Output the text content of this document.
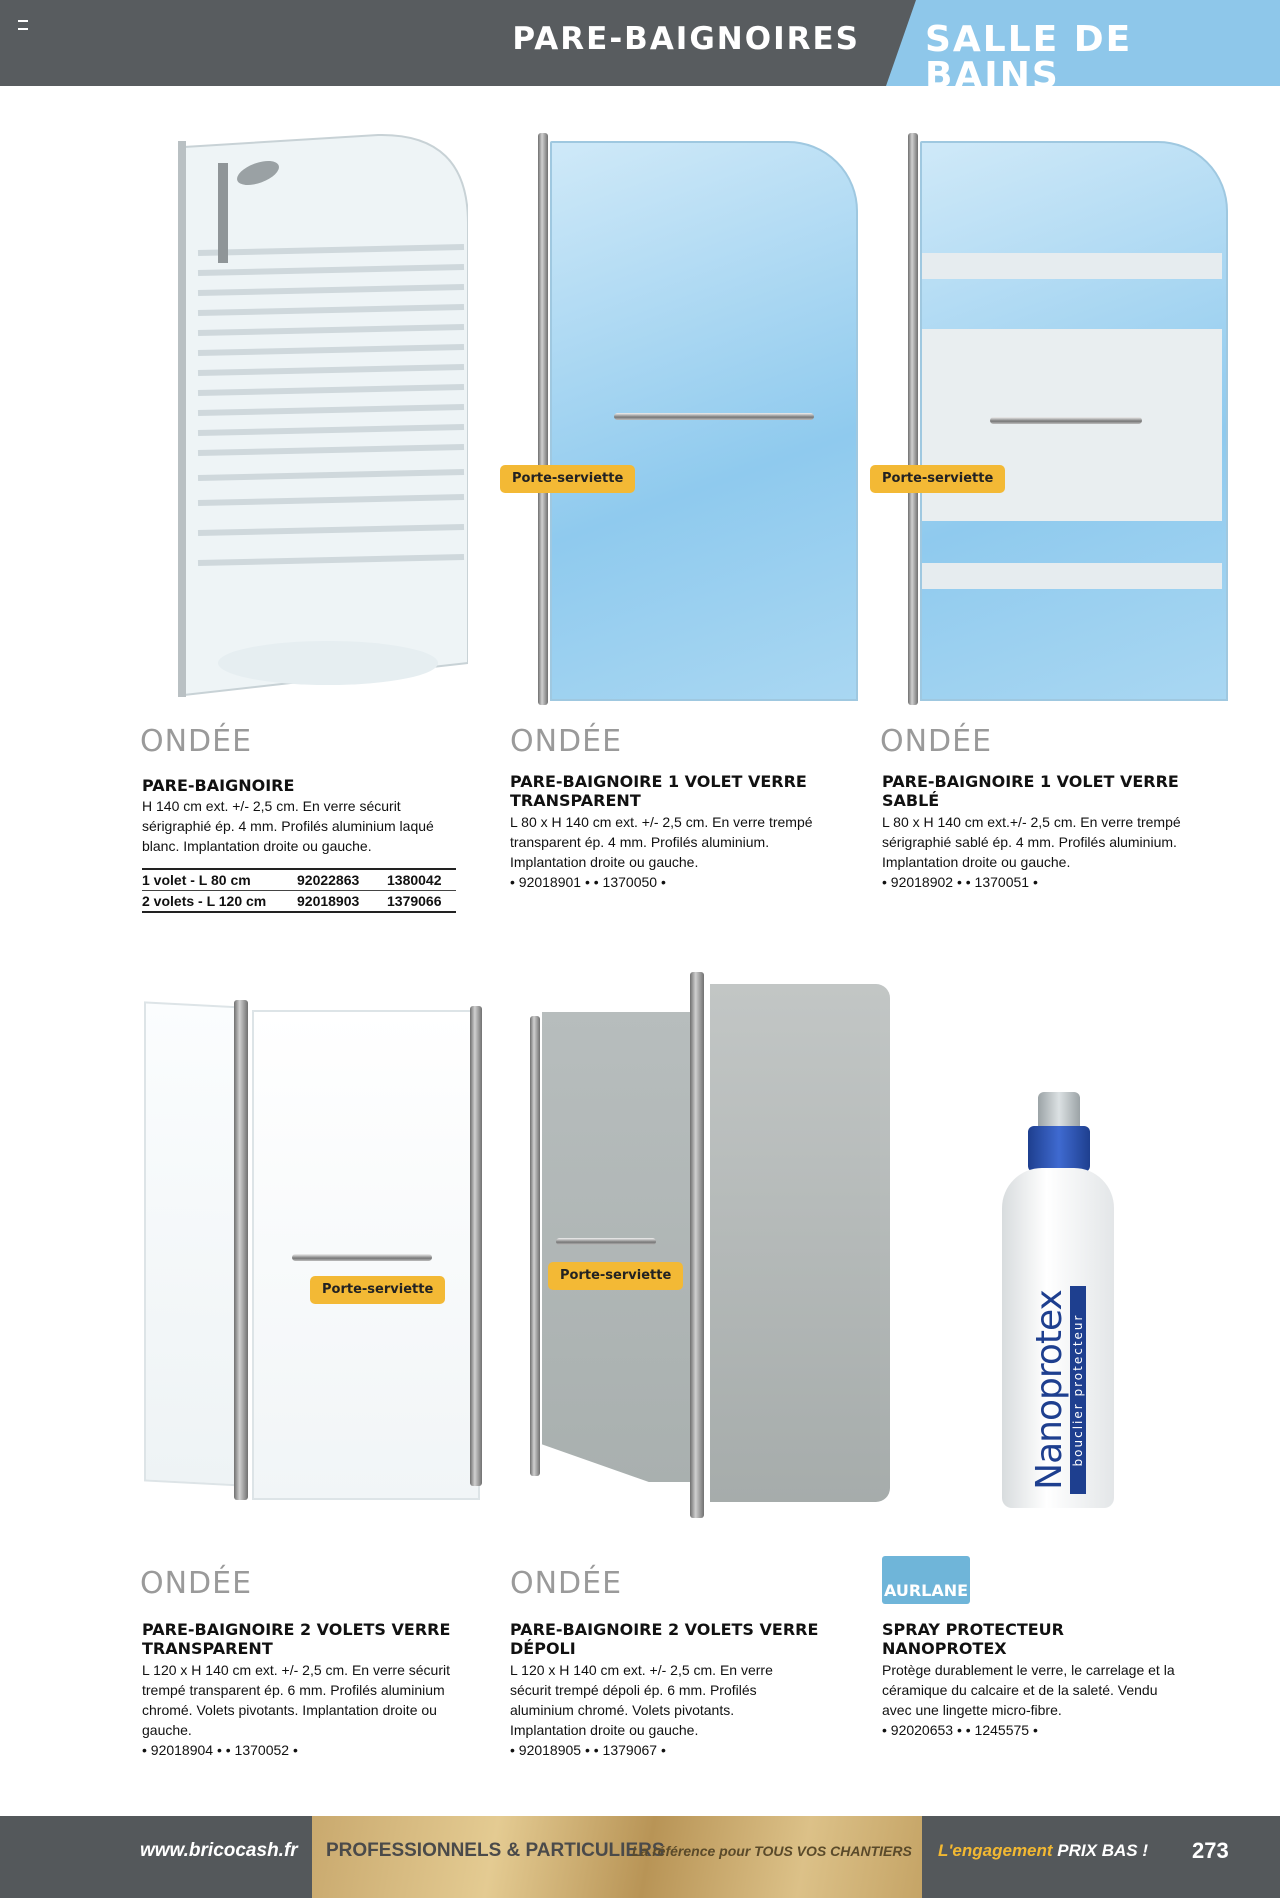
PARE-BAIGNOIRES SALLE DE BAINS
Porte-serviette	Porte-serviette
ONDÉE
PARE-BAIGNOIRE

H 140 cm ext. +/- 2,5 cm. En verre sécurit sérigraphié ép. 4 mm. Profilés aluminium laqué blanc. Implantation droite ou gauche.

1 volet - L 80 cm	92022863	1380042
2 volets - L 120 cm	92018903	1379066
ONDÉE
PARE-BAIGNOIRE 1 VOLET VERRE TRANSPARENT

L 80 x H 140 cm ext. +/- 2,5 cm. En verre trempé transparent ép. 4 mm. Profilés aluminium. Implantation droite ou gauche.

• 92018901 • • 1370050 •

ONDÉE
PARE-BAIGNOIRE 1 VOLET VERRE SABLÉ

L 80 x H 140 cm ext.+/- 2,5 cm. En verre trempé sérigraphié sablé ép. 4 mm. Profilés aluminium. Implantation droite ou gauche.

• 92018902 • • 1370051 •

Porte-serviette
Porte-serviette
Nanoprotex bouclier protecteur
ONDÉE
PARE-BAIGNOIRE 2 VOLETS VERRE TRANSPARENT

L 120 x H 140 cm ext. +/- 2,5 cm. En verre sécurit trempé transparent ép. 6 mm. Profilés aluminium chromé. Volets pivotants. Implantation droite ou gauche.

• 92018904 • • 1370052 •

ONDÉE
PARE-BAIGNOIRE 2 VOLETS VERRE DÉPOLI

L 120 x H 140 cm ext. +/- 2,5 cm. En verre sécurit trempé dépoli ép. 6 mm. Profilés aluminium chromé. Volets pivotants. Implantation droite ou gauche.

• 92018905 • • 1379067 •

AURLANE
SPRAY PROTECTEUR NANOPROTEX

Protège durablement le verre, le carrelage et la céramique du calcaire et de la saleté. Vendu avec une lingette micro-fibre.

• 92020653 • • 1245575 •

www.bricocash.fr PROFESSIONNELS & PARTICULIERS
La référence pour TOUS VOS CHANTIERS L'engagement PRIX BAS ! 273
